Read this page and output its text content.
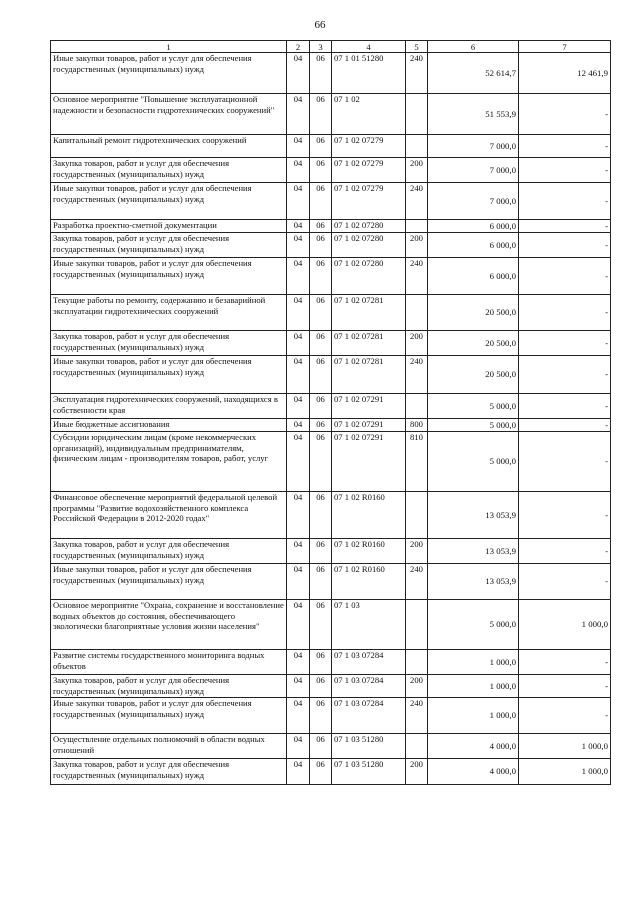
66
1	2	3	4	5	6	7
Иные закупки товаров, работ и услуг для обеспечения государственных (муниципальных) нужд	04	06	07 1 01 51280	240	52 614,7	12 461,9
Основное мероприятие "Повышение эксплуатационной надежности и безопасности гидротехнических сооружений"	04	06	07 1 02		51 553,9	-
Капитальный ремонт гидротехнических сооружений	04	06	07 1 02 07279		7 000,0	-
Закупка товаров, работ и услуг для обеспечения государственных (муниципальных) нужд	04	06	07 1 02 07279	200	7 000,0	-
Иные закупки товаров, работ и услуг для обеспечения государственных (муниципальных) нужд	04	06	07 1 02 07279	240	7 000,0	-
Разработка проектно-сметной документации	04	06	07 1 02 07280		6 000,0	-
Закупка товаров, работ и услуг для обеспечения государственных (муниципальных) нужд	04	06	07 1 02 07280	200	6 000,0	-
Иные закупки товаров, работ и услуг для обеспечения государственных (муниципальных) нужд	04	06	07 1 02 07280	240	6 000,0	-
Текущие работы по ремонту, содержанию и безаварийной эксплуатации гидротехнических сооружений	04	06	07 1 02 07281		20 500,0	-
Закупка товаров, работ и услуг для обеспечения государственных (муниципальных) нужд	04	06	07 1 02 07281	200	20 500,0	-
Иные закупки товаров, работ и услуг для обеспечения государственных (муниципальных) нужд	04	06	07 1 02 07281	240	20 500,0	-
Эксплуатация гидротехнических сооружений, находящихся в собственности края	04	06	07 1 02 07291		5 000,0	-
Иные бюджетные ассигнования	04	06	07 1 02 07291	800	5 000,0	-
Субсидии юридическим лицам (кроме некоммерческих организаций), индивидуальным предпринимателям, физическим лицам - производителям товаров, работ, услуг	04	06	07 1 02 07291	810	5 000,0	-
Финансовое обеспечение мероприятий федеральной целевой программы "Развитие водохозяйственного комплекса Российской Федерации в 2012-2020 годах"	04	06	07 1 02 R0160		13 053,9	-
Закупка товаров, работ и услуг для обеспечения государственных (муниципальных) нужд	04	06	07 1 02 R0160	200	13 053,9	-
Иные закупки товаров, работ и услуг для обеспечения государственных (муниципальных) нужд	04	06	07 1 02 R0160	240	13 053,9	-
Основное мероприятие "Охрана, сохранение и восстановление водных объектов до состояния, обеспечивающего экологически благоприятные условия жизни населения"	04	06	07 1 03		5 000,0	1 000,0
Развитие системы государственного мониторинга водных объектов	04	06	07 1 03 07284		1 000,0	-
Закупка товаров, работ и услуг для обеспечения государственных (муниципальных) нужд	04	06	07 1 03 07284	200	1 000,0	-
Иные закупки товаров, работ и услуг для обеспечения государственных (муниципальных) нужд	04	06	07 1 03 07284	240	1 000,0	-
Осуществление отдельных полномочий в области водных отношений	04	06	07 1 03 51280		4 000,0	1 000,0
Закупка товаров, работ и услуг для обеспечения государственных (муниципальных) нужд	04	06	07 1 03 51280	200	4 000,0	1 000,0
